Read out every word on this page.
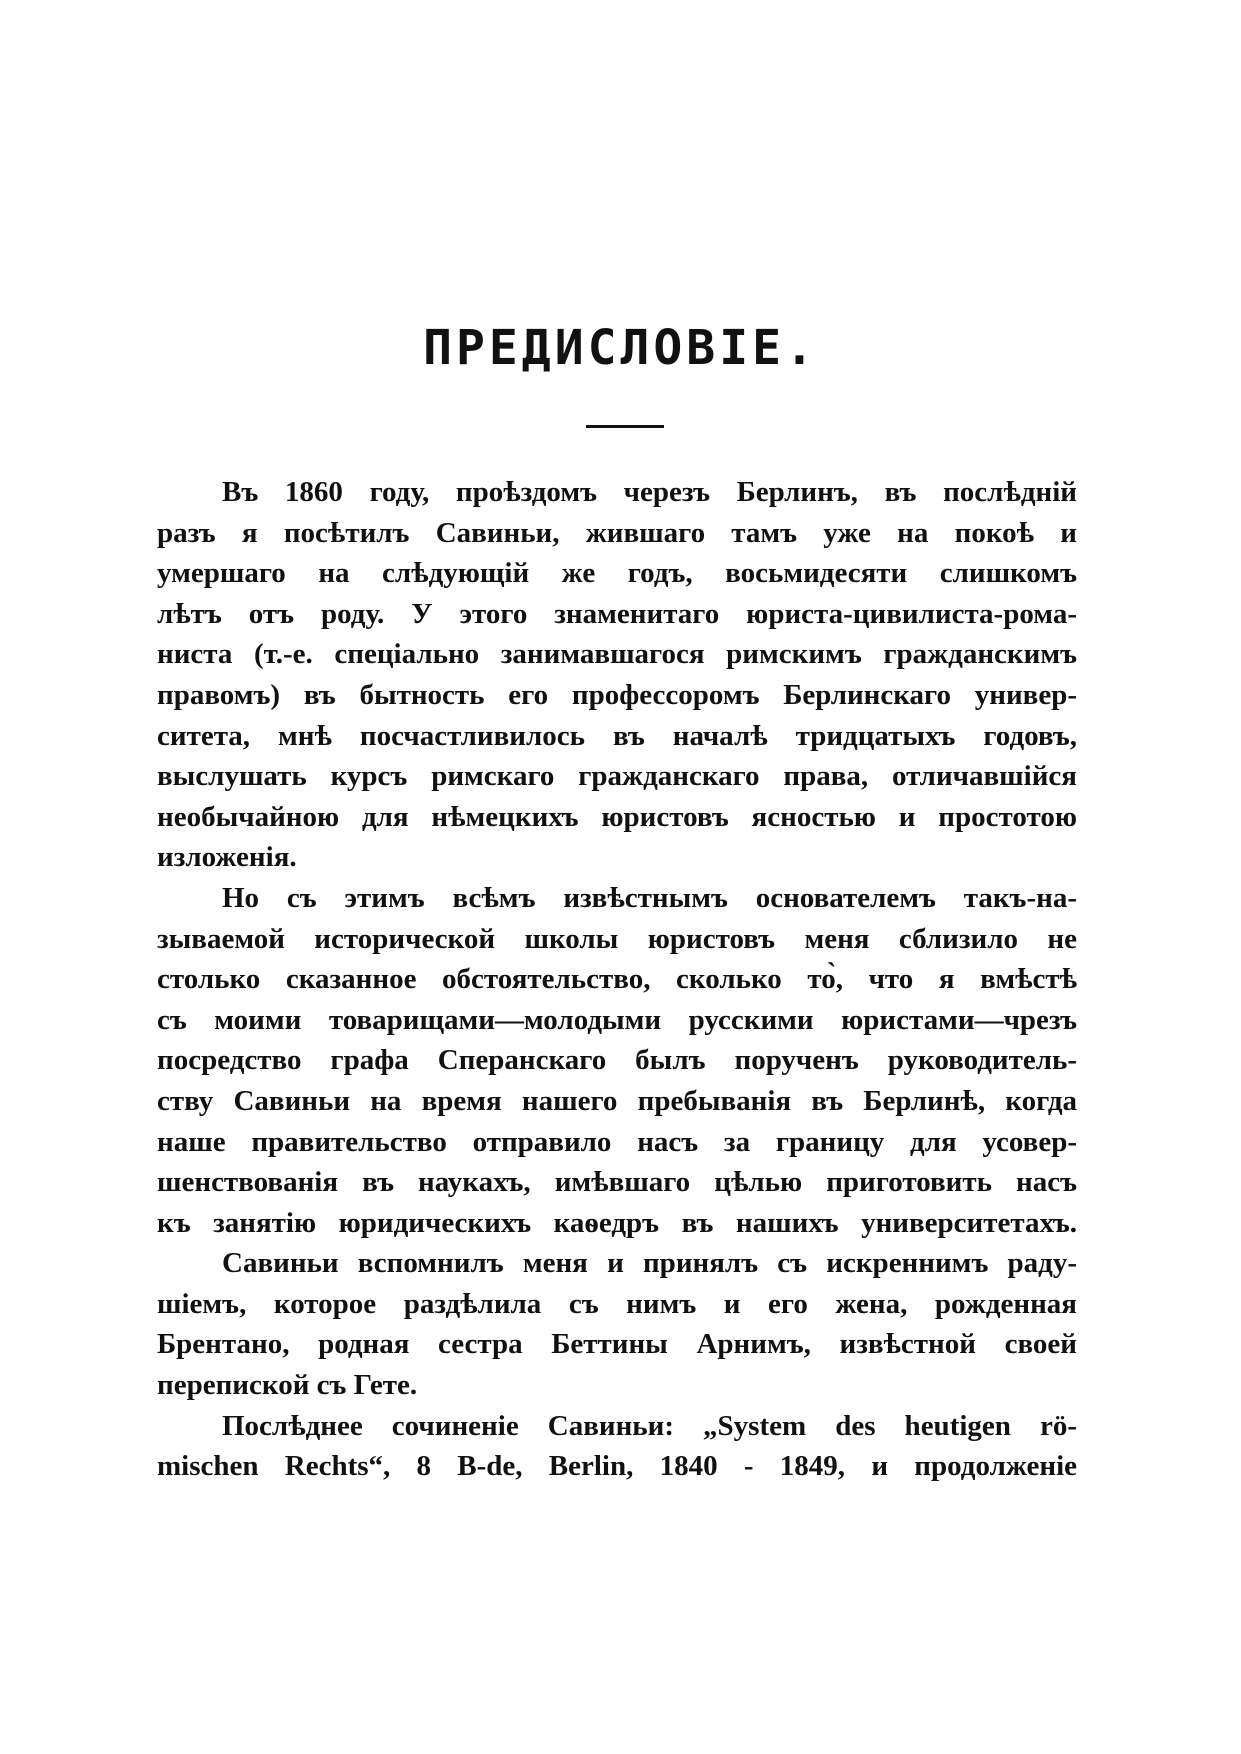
ПРЕДИСЛОВІЕ.
Въ 1860 году, проѣздомъ черезъ Берлинъ, въ послѣдній
разъ я посѣтилъ Савиньи, жившаго тамъ уже на покоѣ и
умершаго на слѣдующій же годъ, восьмидесяти слишкомъ
лѣтъ отъ роду. У этого знаменитаго юриста-цивилиста-рома-
ниста (т.-е. спеціально занимавшагося римскимъ гражданскимъ
правомъ) въ бытность его профессоромъ Берлинскаго универ-
ситета, мнѣ посчастливилось въ началѣ тридцатыхъ годовъ,
выслушать курсъ римскаго гражданскаго права, отличавшійся
необычайною для нѣмецкихъ юристовъ ясностью и простотою
изложенія.
Но съ этимъ всѣмъ извѣстнымъ основателемъ такъ-на-
зываемой исторической школы юристовъ меня сблизило не
столько сказанное обстоятельство, сколько то̀, что я вмѣстѣ
съ моими товарищами—молодыми русскими юристами—чрезъ
посредство графа Сперанскаго былъ порученъ руководитель-
ству Савиньи на время нашего пребыванія въ Берлинѣ, когда
наше правительство отправило насъ за границу для усовер-
шенствованія въ наукахъ, имѣвшаго цѣлью приготовить насъ
къ занятію юридическихъ каѳедръ въ нашихъ университетахъ.
Савиньи вспомнилъ меня и принялъ съ искреннимъ раду-
шіемъ, которое раздѣлила съ нимъ и его жена, рожденная
Брентано, родная сестра Беттины Арнимъ, извѣстной своей
перепиской съ Гете.
Послѣднее сочиненіе Савиньи: „System des heutigen rö-
mischen Rechts“, 8 B-de, Berlin, 1840 - 1849, и продолженіе
